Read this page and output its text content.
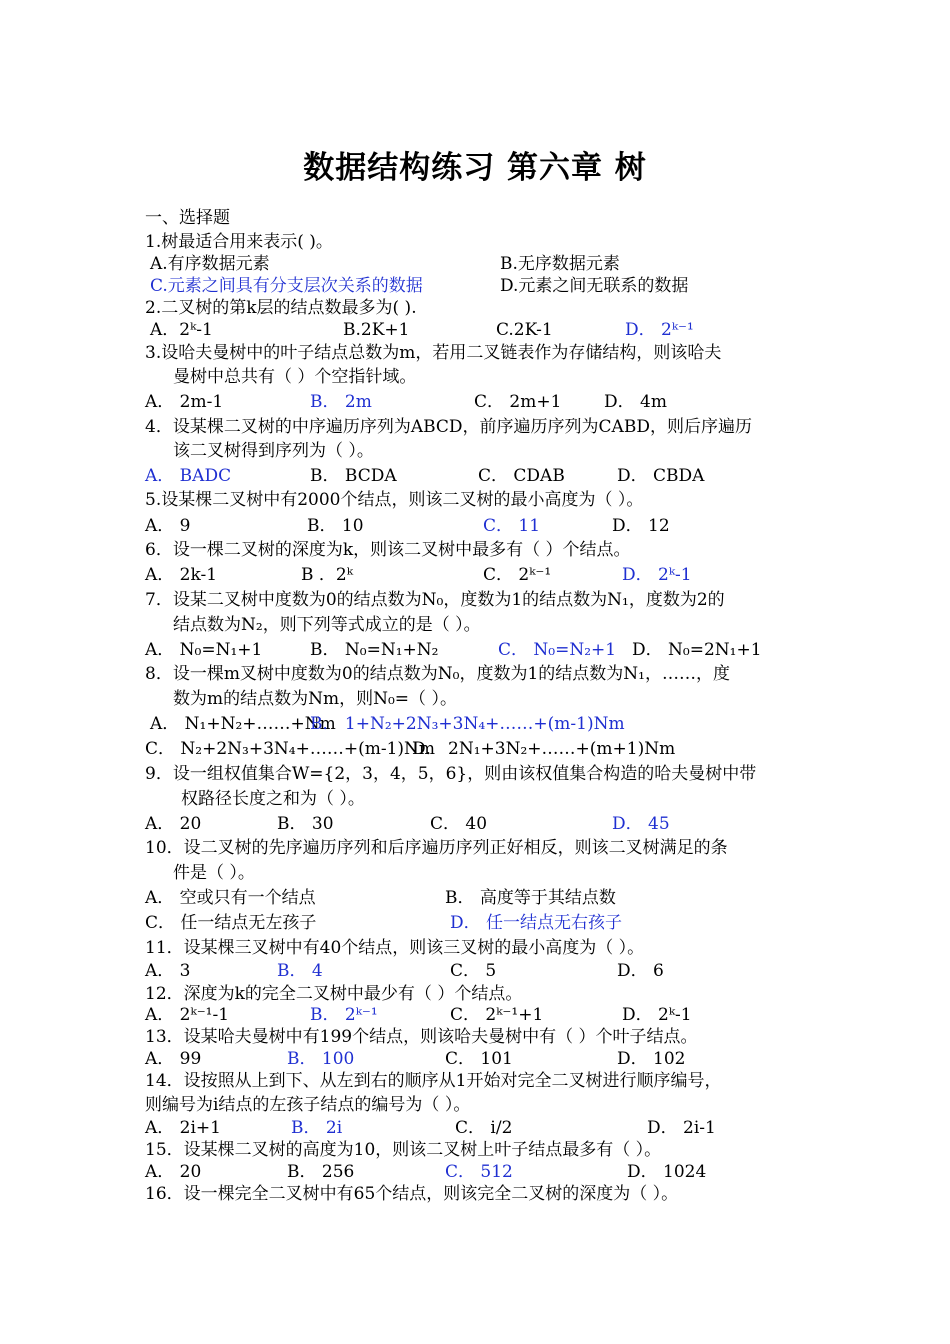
数据结构练习 第六章 树
一、选择题
1.树最适合用来表示( )。
A.有序数据元素	B.无序数据元素
C.元素之间具有分支层次关系的数据	D.元素之间无联系的数据
2.二叉树的第k层的结点数最多为( ).
A．2ᵏ-1	B.2K+1	C.2K-1	D． 2ᵏ⁻¹
3.设哈夫曼树中的叶子结点总数为m，若用二叉链表作为存储结构，则该哈夫
曼树中总共有（ ）个空指针域。
A． 2m-1	B． 2m	C． 2m+1	D． 4m
4．设某棵二叉树的中序遍历序列为ABCD，前序遍历序列为CABD，则后序遍历
该二叉树得到序列为（ ）。
A． BADC	B． BCDA	C． CDAB	D． CBDA
5.设某棵二叉树中有2000个结点，则该二叉树的最小高度为（ ）。
A． 9	B． 10	C． 11	D． 12
6．设一棵二叉树的深度为k，则该二叉树中最多有（ ）个结点。
A． 2k-1	B ．2ᵏ	C． 2ᵏ⁻¹	D． 2ᵏ-1
7．设某二叉树中度数为0的结点数为N₀，度数为1的结点数为N₁，度数为2的
结点数为N₂，则下列等式成立的是（ ）。
A． N₀=N₁+1	B． N₀=N₁+N₂	C． N₀=N₂+1 D． N₀=2N₁+1
8．设一棵m叉树中度数为0的结点数为N₀，度数为1的结点数为N₁，……，度
数为m的结点数为Nm，则N₀=（ ）。
A． N₁+N₂+……+Nm
B． 1+N₂+2N₃+3N₄+……+(m-1)Nm
C． N₂+2N₃+3N₄+……+(m-1)Nm
D． 2N₁+3N₂+……+(m+1)Nm
9．设一组权值集合W={2，3，4，5，6}，则由该权值集合构造的哈夫曼树中带
权路径长度之和为（ ）。
A． 20	B． 30	C． 40	D． 45
10．设二叉树的先序遍历序列和后序遍历序列正好相反，则该二叉树满足的条
件是（ ）。
A． 空或只有一个结点	B． 高度等于其结点数
C． 任一结点无左孩子	D． 任一结点无右孩子
11．设某棵三叉树中有40个结点，则该三叉树的最小高度为（ ）。
A． 3	B． 4	C． 5	D． 6
12．深度为k的完全二叉树中最少有（ ）个结点。
A． 2ᵏ⁻¹-1	B． 2ᵏ⁻¹	C． 2ᵏ⁻¹+1	D． 2ᵏ-1
13．设某哈夫曼树中有199个结点，则该哈夫曼树中有（ ）个叶子结点。
A． 99	B． 100	C． 101	D． 102
14．设按照从上到下、从左到右的顺序从1开始对完全二叉树进行顺序编号，
则编号为i结点的左孩子结点的编号为（ ）。
A． 2i+1	B． 2i	C． i/2	D． 2i-1
15．设某棵二叉树的高度为10，则该二叉树上叶子结点最多有（ ）。
A． 20	B． 256	C． 512	D． 1024
16．设一棵完全二叉树中有65个结点，则该完全二叉树的深度为（ ）。
